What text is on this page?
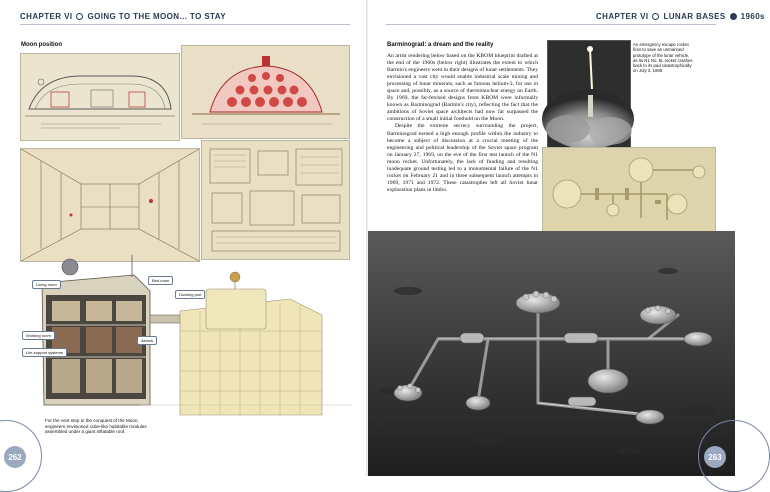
CHAPTER VI GOING TO THE MOON... TO STAY
Moon position
Living room
Bed room
Docking port
Working room
Airlock
Life-support systems
For the next step in the conquest of the Moon, engineers envisioned cube-like habitable modules assembled under a giant inflatable roof.
262
CHAPTER VI LUNAR BASES 1960s
Barminograd: a dream and the reality

An artist rendering below based on the KBOM blueprint drafted at the end of the 1960s (below right) illustrates the extent to which Barmin's engineers went in their designs of lunar settlements. They envisioned a vast city would enable industrial scale mining and processing of lunar minerals, such as famous helium-3, for use in space and, possibly, as a source of thermonuclear energy on Earth. By 1969, the far-fetched designs from KBOM were informally known as Barminograd (Barmin's city), reflecting the fact that the ambitions of Soviet space architects had now far surpassed the construction of a small initial foothold on the Moon.

Despite the extreme secrecy surrounding the project, Barminograd earned a high enough profile within the industry to become a subject of discussion at a crucial meeting of the engineering and political leadership of the Soviet space program on January 27, 1969, on the eve of the first test launch of the N1 moon rocket. Unfortunately, the lack of funding and resulting inadequate ground testing led to a monumental failure of the N1 rocket on February 21 and in three subsequent launch attempts in 1969, 1971 and 1972. These catastrophes left all Soviet lunar exploration plans in limbo.

An emergency escape rocket fires to save an unmanned prototype of the lunar vehicle, as its N1 No. 5L rocket crashes back to its pad catastrophically on July 3, 1969.
263
